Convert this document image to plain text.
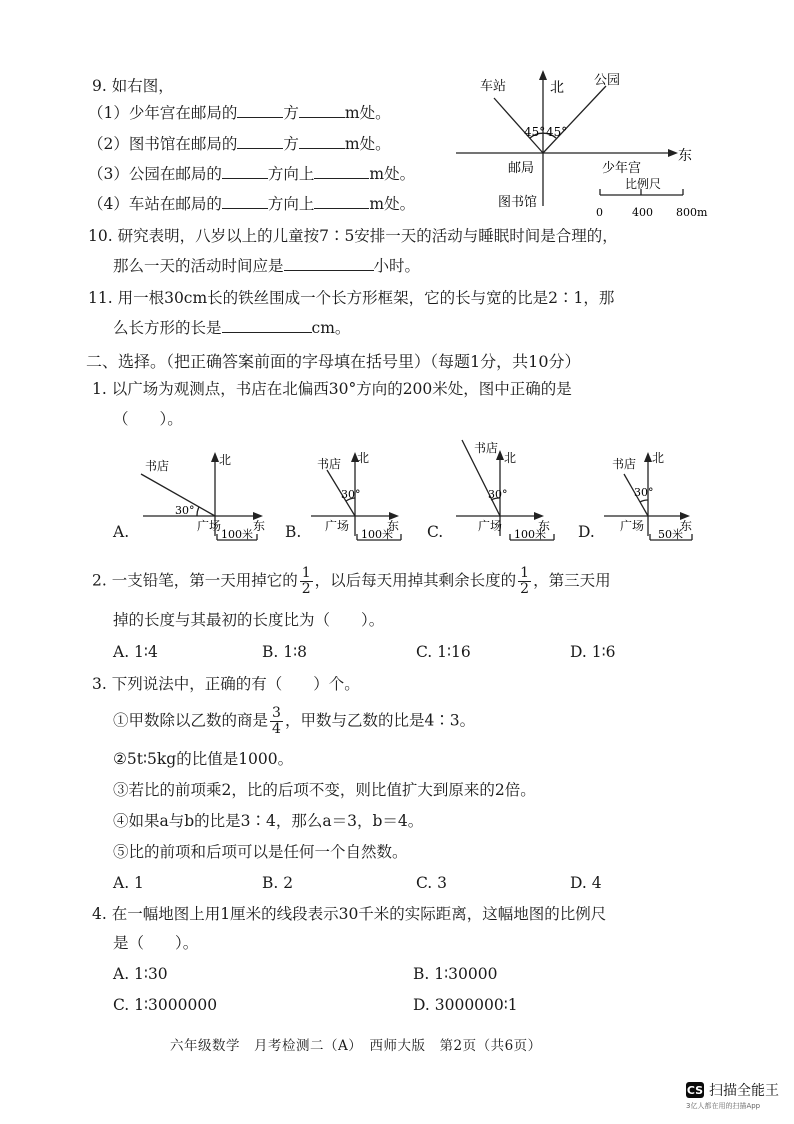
9. 如右图，
（1）少年宫在邮局的	方	m处。
（2）图书馆在邮局的	方	m处。
（3）公园在邮局的	方向上	m处。
（4）车站在邮局的	方向上	m处。
车站	北 公园
东
邮局	少年宫
图书馆
45° 45°
比例尺
0	400 800m
10. 研究表明，八岁以上的儿童按7∶5安排一天的活动与睡眠时间是合理的，
那么一天的活动时间应是	小时。
11. 用一根30cm长的铁丝围成一个长方形框架，它的长与宽的比是2∶1，那
么长方形的长是	cm。
二、选择。（把正确答案前面的字母填在括号里）（每题1分，共10分）
1. 以广场为观测点，书店在北偏西30°方向的200米处，图中正确的是
（　　）。
A.
书店	北
东
广场
30°
100米 B.
书店 北
东
广场
30°
100米 C.
书店
北
东
广场
30°
100米 D.
书店 北
东
广场
30°
50米
2. 一支铅笔，第一天用掉它的 $\frac{1}{2}$ ，以后每天用掉其剩余长度的 $\frac{1}{2}$ ，第三天用
掉的长度与其最初的长度比为（　　）。
A. 1∶4	B. 1∶8	C. 1∶16	D. 1∶6
3. 下列说法中，正确的有（　　）个。
①甲数除以乙数的商是 $\frac{3}{4}$ ，甲数与乙数的比是4∶3。
②5t∶5kg的比值是1000。
③若比的前项乘2，比的后项不变，则比值扩大到原来的2倍。
④如果a与b的比是3∶4，那么a＝3，b＝4。
⑤比的前项和后项可以是任何一个自然数。
A. 1	B. 2	C. 3	D. 4
4. 在一幅地图上用1厘米的线段表示30千米的实际距离，这幅地图的比例尺
是（　　）。
A. 1∶30	B. 1∶30000
C. 1∶3000000	D. 3000000∶1
六年级数学　月考检测二（A）　西师大版　第2页（共6页）
CS 扫描全能王
3亿人都在用的扫描App
